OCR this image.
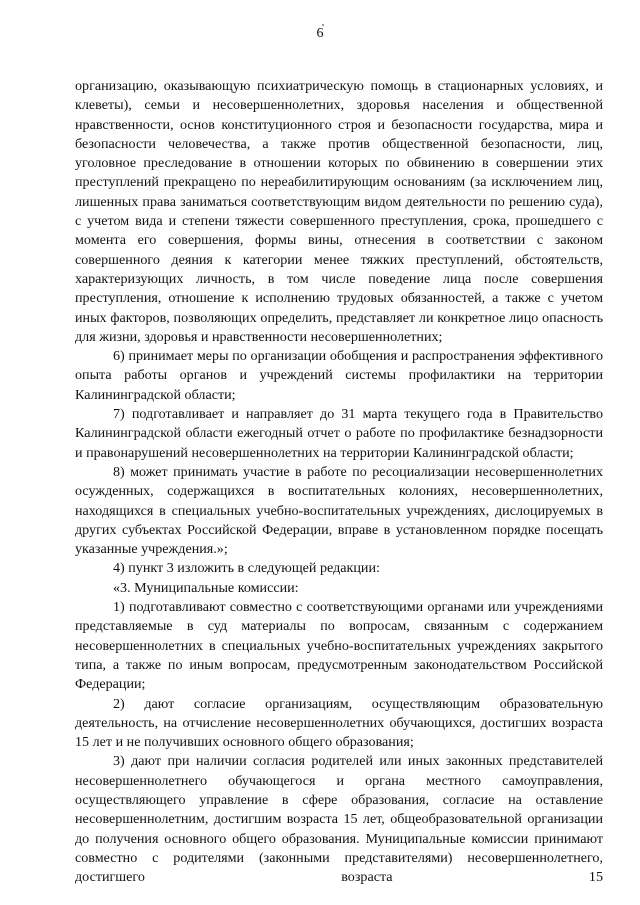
6

организацию, оказывающую психиатрическую помощь в стационарных условиях, и клеветы), семьи и несовершеннолетних, здоровья населения и общественной нравственности, основ конституционного строя и безопасности государства, мира и безопасности человечества, а также против общественной безопасности, лиц, уголовное преследование в отношении которых по обвинению в совершении этих преступлений прекращено по нереабилитирующим основаниям (за исключением лиц, лишенных права заниматься соответствующим видом деятельности по решению суда), с учетом вида и степени тяжести совершенного преступления, срока, прошедшего с момента его совершения, формы вины, отнесения в соответствии с законом совершенного деяния к категории менее тяжких преступлений, обстоятельств, характеризующих личность, в том числе поведение лица после совершения преступления, отношение к исполнению трудовых обязанностей, а также с учетом иных факторов, позволяющих определить, представляет ли конкретное лицо опасность для жизни, здоровья и нравственности несовершеннолетних;

6) принимает меры по организации обобщения и распространения эффективного опыта работы органов и учреждений системы профилактики на территории Калининградской области;

7) подготавливает и направляет до 31 марта текущего года в Правительство Калининградской области ежегодный отчет о работе по профилактике безнадзорности и правонарушений несовершеннолетних на территории Калининградской области;

8) может принимать участие в работе по ресоциализации несовершеннолетних осужденных, содержащихся в воспитательных колониях, несовершеннолетних, находящихся в специальных учебно-воспитательных учреждениях, дислоцируемых в других субъектах Российской Федерации, вправе в установленном порядке посещать указанные учреждения.»;

4) пункт 3 изложить в следующей редакции:

«3. Муниципальные комиссии:

1) подготавливают совместно с соответствующими органами или учреждениями представляемые в суд материалы по вопросам, связанным с содержанием несовершеннолетних в специальных учебно-воспитательных учреждениях закрытого типа, а также по иным вопросам, предусмотренным законодательством Российской Федерации;

2) дают согласие организациям, осуществляющим образовательную деятельность, на отчисление несовершеннолетних обучающихся, достигших возраста 15 лет и не получивших основного общего образования;

3) дают при наличии согласия родителей или иных законных представителей несовершеннолетнего обучающегося и органа местного самоуправления, осуществляющего управление в сфере образования, согласие на оставление несовершеннолетним, достигшим возраста 15 лет, общеобразовательной организации до получения основного общего образования. Муниципальные комиссии принимают совместно с родителями (законными представителями) несовершеннолетнего, достигшего возраста 15
